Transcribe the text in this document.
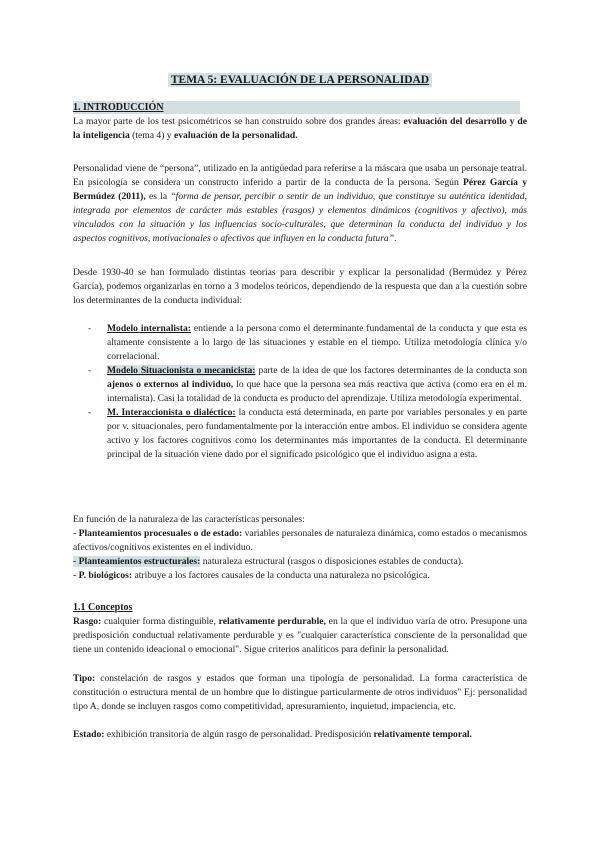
TEMA 5: EVALUACIÓN DE LA PERSONALIDAD
1. INTRODUCCIÓN
La mayor parte de los test psicométricos se han construido sobre dos grandes áreas: evaluación del desarrollo y de la inteligencia (tema 4) y evaluación de la personalidad.
Personalidad viene de “persona”, utilizado en la antigüedad para referirse a la máscara que usaba un personaje teatral. En psicología se considera un constructo inferido a partir de la conducta de la persona. Según Pérez García y Bermúdez (2011), es la “forma de pensar, percibir o sentir de un individuo, que constituye su auténtica identidad, integrada por elementos de carácter más estables (rasgos) y elementos dinámicos (cognitivos y afectivo), más vinculados con la situación y las influencias socio-culturales, que determinan la conducta del individuo y los aspectos cognitivos, motivacionales o afectivos que influyen en la conducta futura”.
Desde 1930-40 se han formulado distintas teorías para describir y explicar la personalidad (Bermúdez y Pérez García), podemos organizarlas en torno a 3 modelos teóricos, dependiendo de la respuesta que dan a la cuestión sobre los determinantes de la conducta individual:
- Modelo internalista: entiende a la persona como el determinante fundamental de la conducta y que esta es altamente consistente a lo largo de las situaciones y estable en el tiempo. Utiliza metodología clínica y/o correlacional.
- Modelo Situacionista o mecanicista: parte de la idea de que los factores determinantes de la conducta son ajenos o externos al individuo, lo que hace que la persona sea más reactiva que activa (como era en el m. internalista). Casi la totalidad de la conducta es producto del aprendizaje. Utiliza metodología experimental.
- M. Interaccionista o dialéctico: la conducta está determinada, en parte por variables personales y en parte por v. situacionales, pero fundamentalmente por la interacción entre ambos. El individuo se considera agente activo y los factores cognitivos como los determinantes más importantes de la conducta. El determinante principal de la situación viene dado por el significado psicológico que el individuo asigna a esta.
En función de la naturaleza de las características personales:

- Planteamientos procesuales o de estado: variables personales de naturaleza dinámica, como estados o mecanismos afectivos/cognitivos existentes en el individuo.

- Planteamientos estructurales: naturaleza estructural (rasgos o disposiciones estables de conducta).

- P. biológicos: atribuye a los factores causales de la conducta una naturaleza no psicológica.

1.1 Conceptos
Rasgo: cualquier forma distinguible, relativamente perdurable, en la que el individuo varía de otro. Presupone una predisposición conductual relativamente perdurable y es "cualquier característica consciente de la personalidad que tiene un contenido ideacional o emocional". Sigue criterios analíticos para definir la personalidad.
Tipo: constelación de rasgos y estados que forman una tipología de personalidad. La forma característica de constitución o estructura mental de un hombre que lo distingue particularmente de otros individuos" Ej: personalidad tipo A, donde se incluyen rasgos como competitividad, apresuramiento, inquietud, impaciencia, etc.
Estado: exhibición transitoria de algún rasgo de personalidad. Predisposición relativamente temporal.
